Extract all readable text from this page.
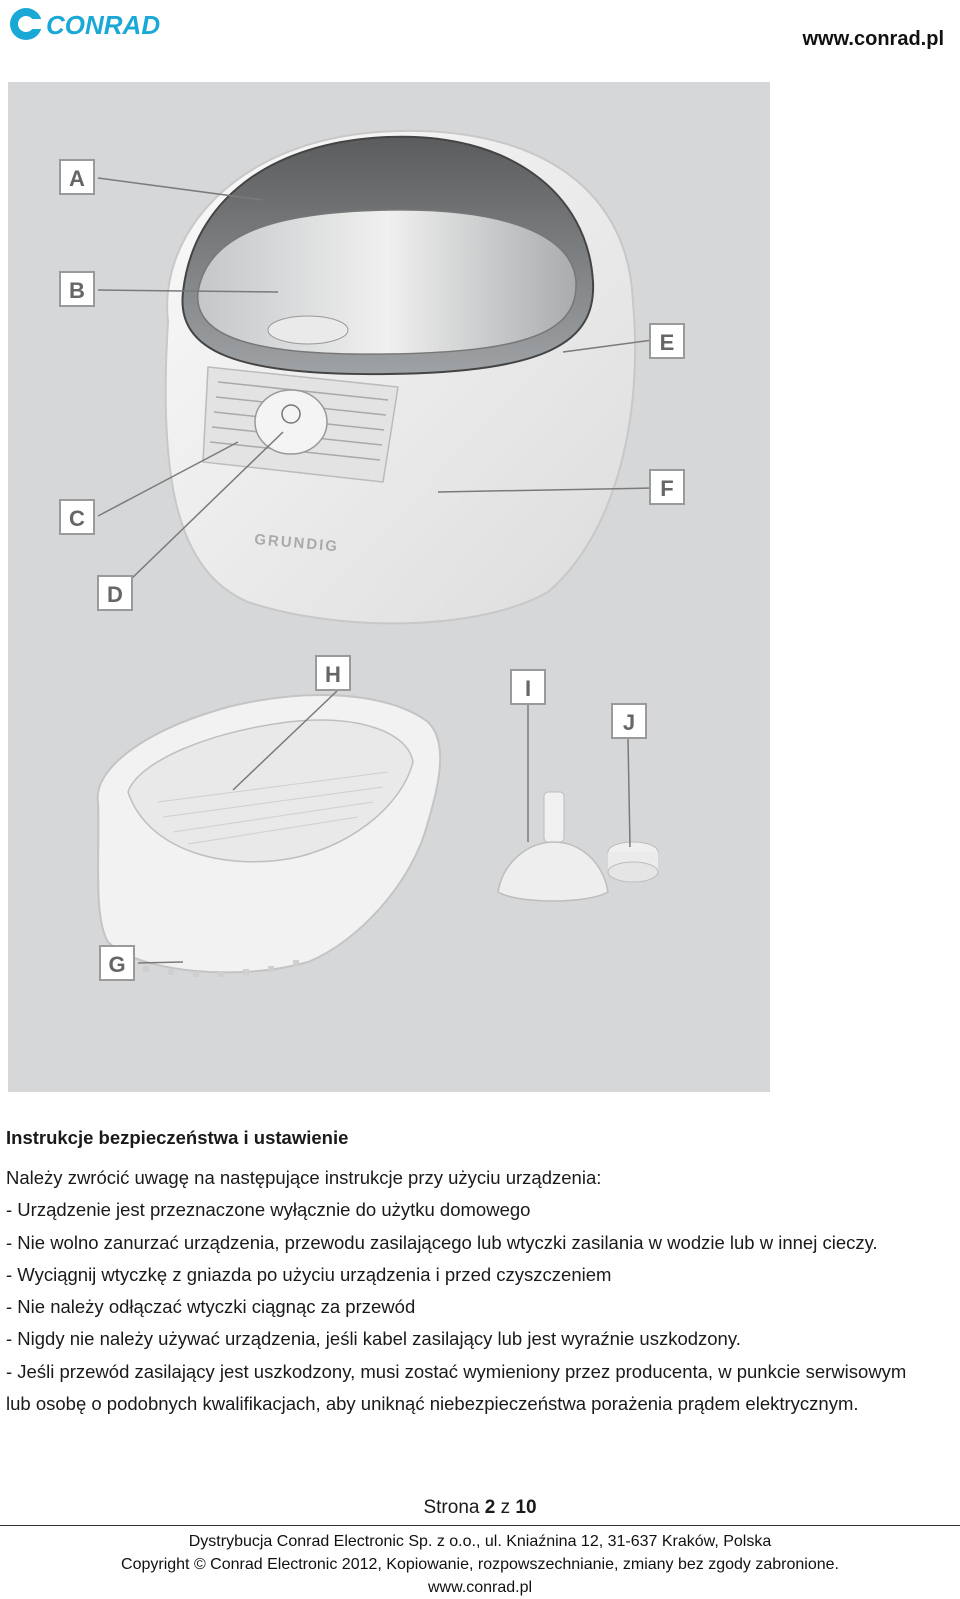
CONRAD	www.conrad.pl
GRUNDIG
A
B
C
D
E
F
G
H
I
J
Instrukcje bezpieczeństwa i ustawienie

Należy zwrócić uwagę na następujące instrukcje przy użyciu urządzenia:

- Urządzenie jest przeznaczone wyłącznie do użytku domowego

- Nie wolno zanurzać urządzenia, przewodu zasilającego lub wtyczki zasilania w wodzie lub w innej cieczy.

- Wyciągnij wtyczkę z gniazda po użyciu urządzenia i przed czyszczeniem

- Nie należy odłączać wtyczki ciągnąc za przewód

- Nigdy nie należy używać urządzenia, jeśli kabel zasilający lub jest wyraźnie uszkodzony.

- Jeśli przewód zasilający jest uszkodzony, musi zostać wymieniony przez producenta, w punkcie serwisowym lub osobę o podobnych kwalifikacjach, aby uniknąć niebezpieczeństwa porażenia prądem elektrycznym.

Strona 2 z 10
Dystrybucja Conrad Electronic Sp. z o.o., ul. Kniaźnina 12, 31-637 Kraków, Polska
Copyright © Conrad Electronic 2012, Kopiowanie, rozpowszechnianie, zmiany bez zgody zabronione.
www.conrad.pl
